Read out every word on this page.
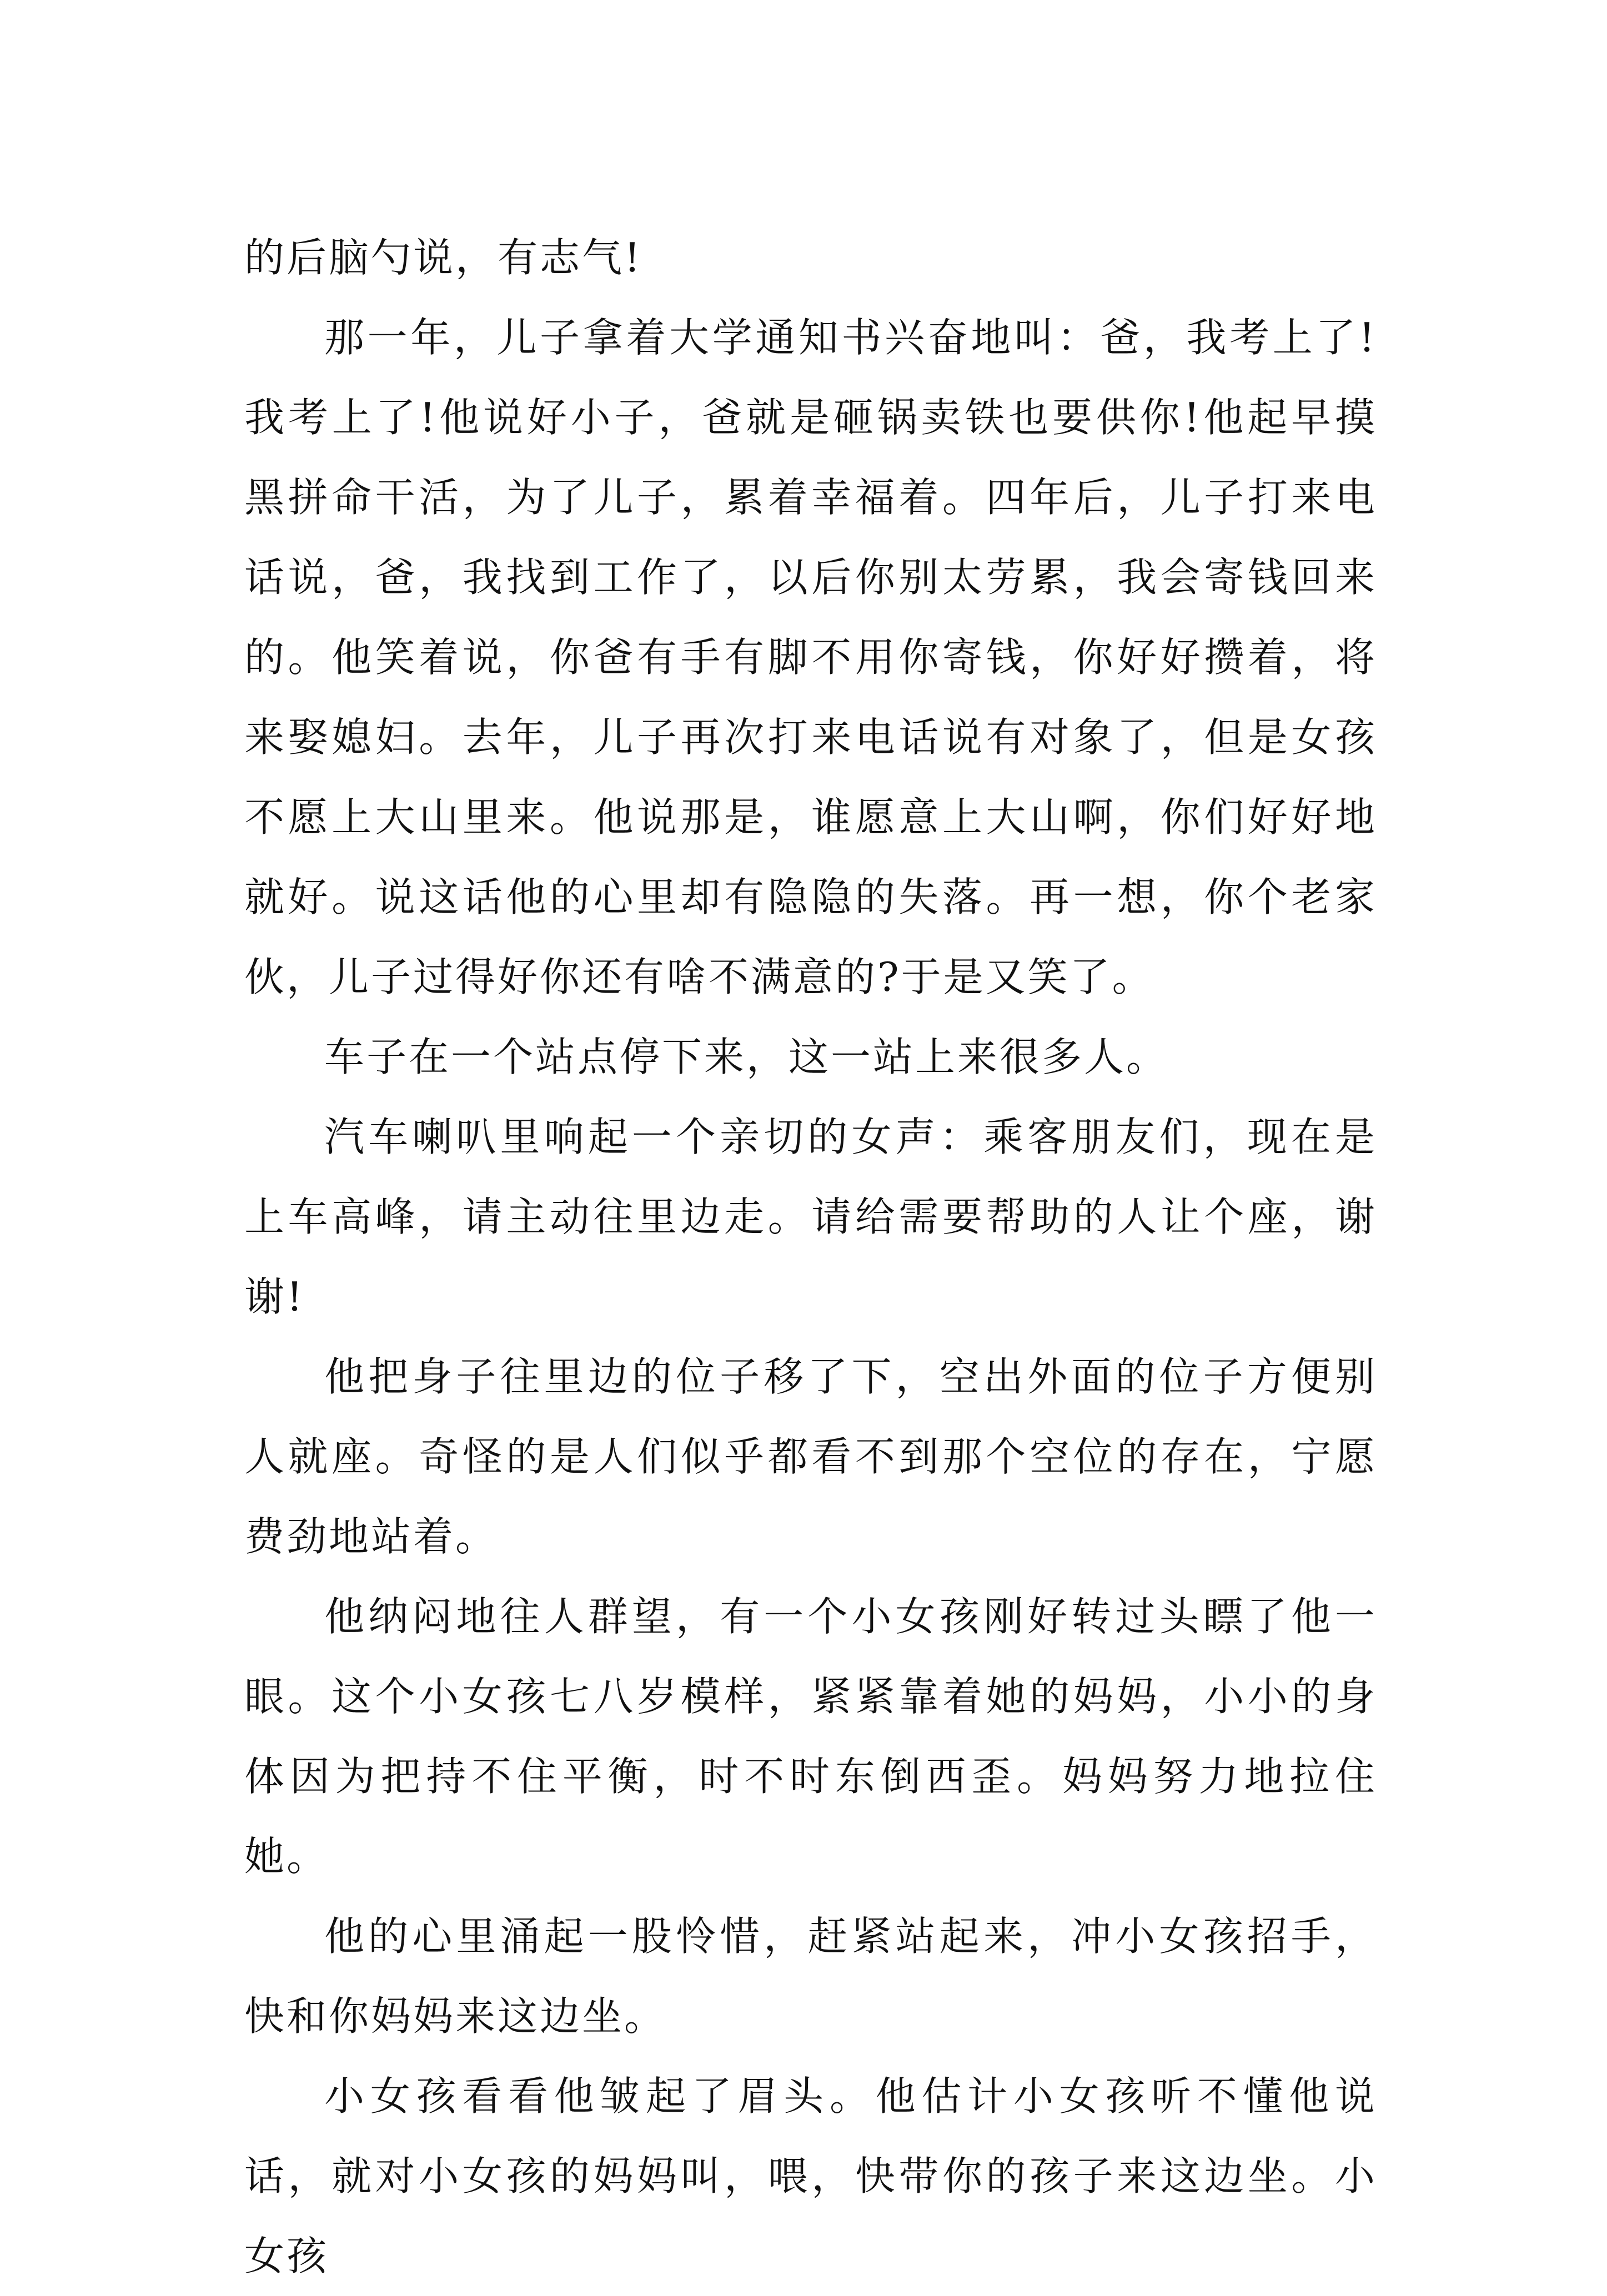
的后脑勺说，有志气!

那一年，儿子拿着大学通知书兴奋地叫：爸，我考上了!我考上了!他说好小子，爸就是砸锅卖铁也要供你!他起早摸黑拼命干活，为了儿子，累着幸福着。四年后，儿子打来电话说，爸，我找到工作了，以后你别太劳累，我会寄钱回来的。他笑着说，你爸有手有脚不用你寄钱，你好好攒着，将来娶媳妇。去年，儿子再次打来电话说有对象了，但是女孩不愿上大山里来。他说那是，谁愿意上大山啊，你们好好地就好。说这话他的心里却有隐隐的失落。再一想，你个老家伙，儿子过得好你还有啥不满意的?于是又笑了。

车子在一个站点停下来，这一站上来很多人。

汽车喇叭里响起一个亲切的女声：乘客朋友们，现在是上车高峰，请主动往里边走。请给需要帮助的人让个座，谢谢!

他把身子往里边的位子移了下，空出外面的位子方便别人就座。奇怪的是人们似乎都看不到那个空位的存在，宁愿费劲地站着。

他纳闷地往人群望，有一个小女孩刚好转过头瞟了他一眼。这个小女孩七八岁模样，紧紧靠着她的妈妈，小小的身体因为把持不住平衡，时不时东倒西歪。妈妈努力地拉住她。

他的心里涌起一股怜惜，赶紧站起来，冲小女孩招手，快和你妈妈来这边坐。

小女孩看看他皱起了眉头。他估计小女孩听不懂他说话，就对小女孩的妈妈叫，喂，快带你的孩子来这边坐。小女孩
